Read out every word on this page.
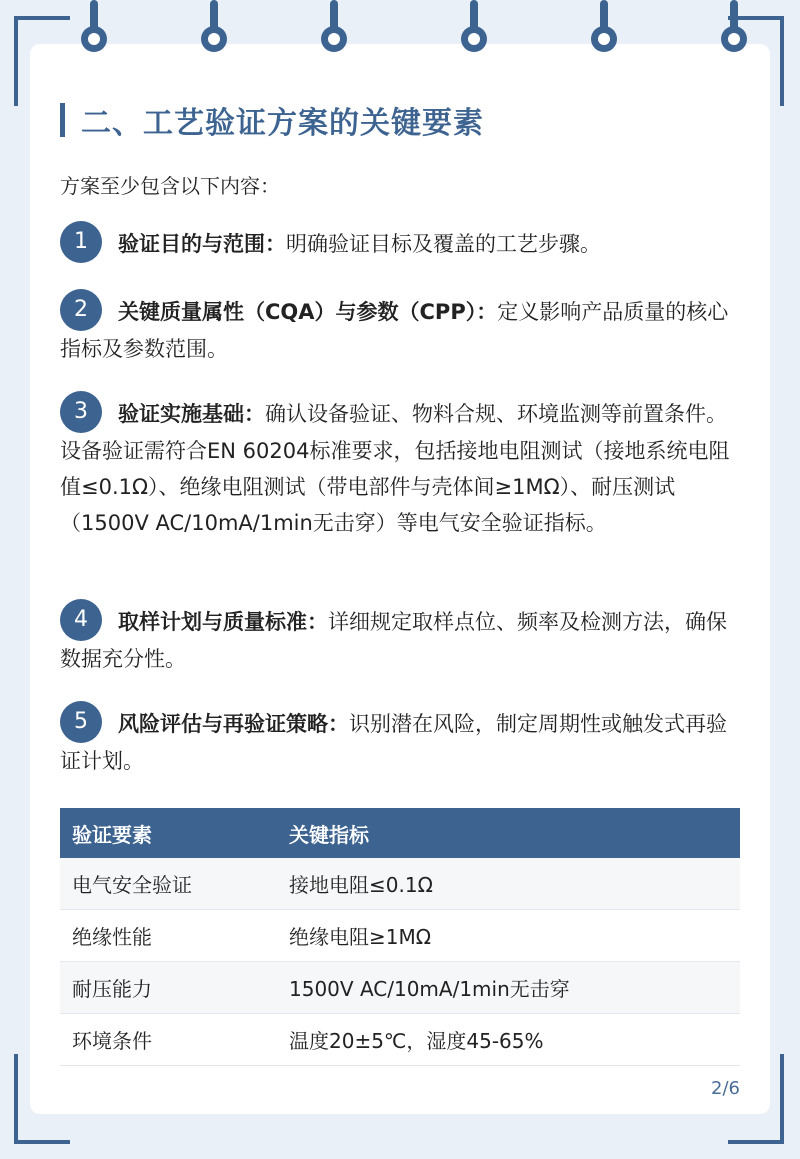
二、工艺验证方案的关键要素
方案至少包含以下内容：
1 验证目的与范围：明确验证目标及覆盖的工艺步骤。
2 关键质量属性（CQA）与参数（CPP）：定义影响产品质量的核心指标及参数范围。
3 验证实施基础：确认设备验证、物料合规、环境监测等前置条件。设备验证需符合EN 60204标准要求，包括接地电阻测试（接地系统电阻值≤0.1Ω）、绝缘电阻测试（带电部件与壳体间≥1MΩ）、耐压测试（1500V AC/10mA/1min无击穿）等电气安全验证指标。
4 取样计划与质量标准：详细规定取样点位、频率及检测方法，确保数据充分性。
5 风险评估与再验证策略：识别潜在风险，制定周期性或触发式再验证计划。
验证要素	关键指标
电气安全验证	接地电阻≤0.1Ω
绝缘性能	绝缘电阻≥1MΩ
耐压能力	1500V AC/10mA/1min无击穿
环境条件	温度20±5℃，湿度45-65%
2/6
